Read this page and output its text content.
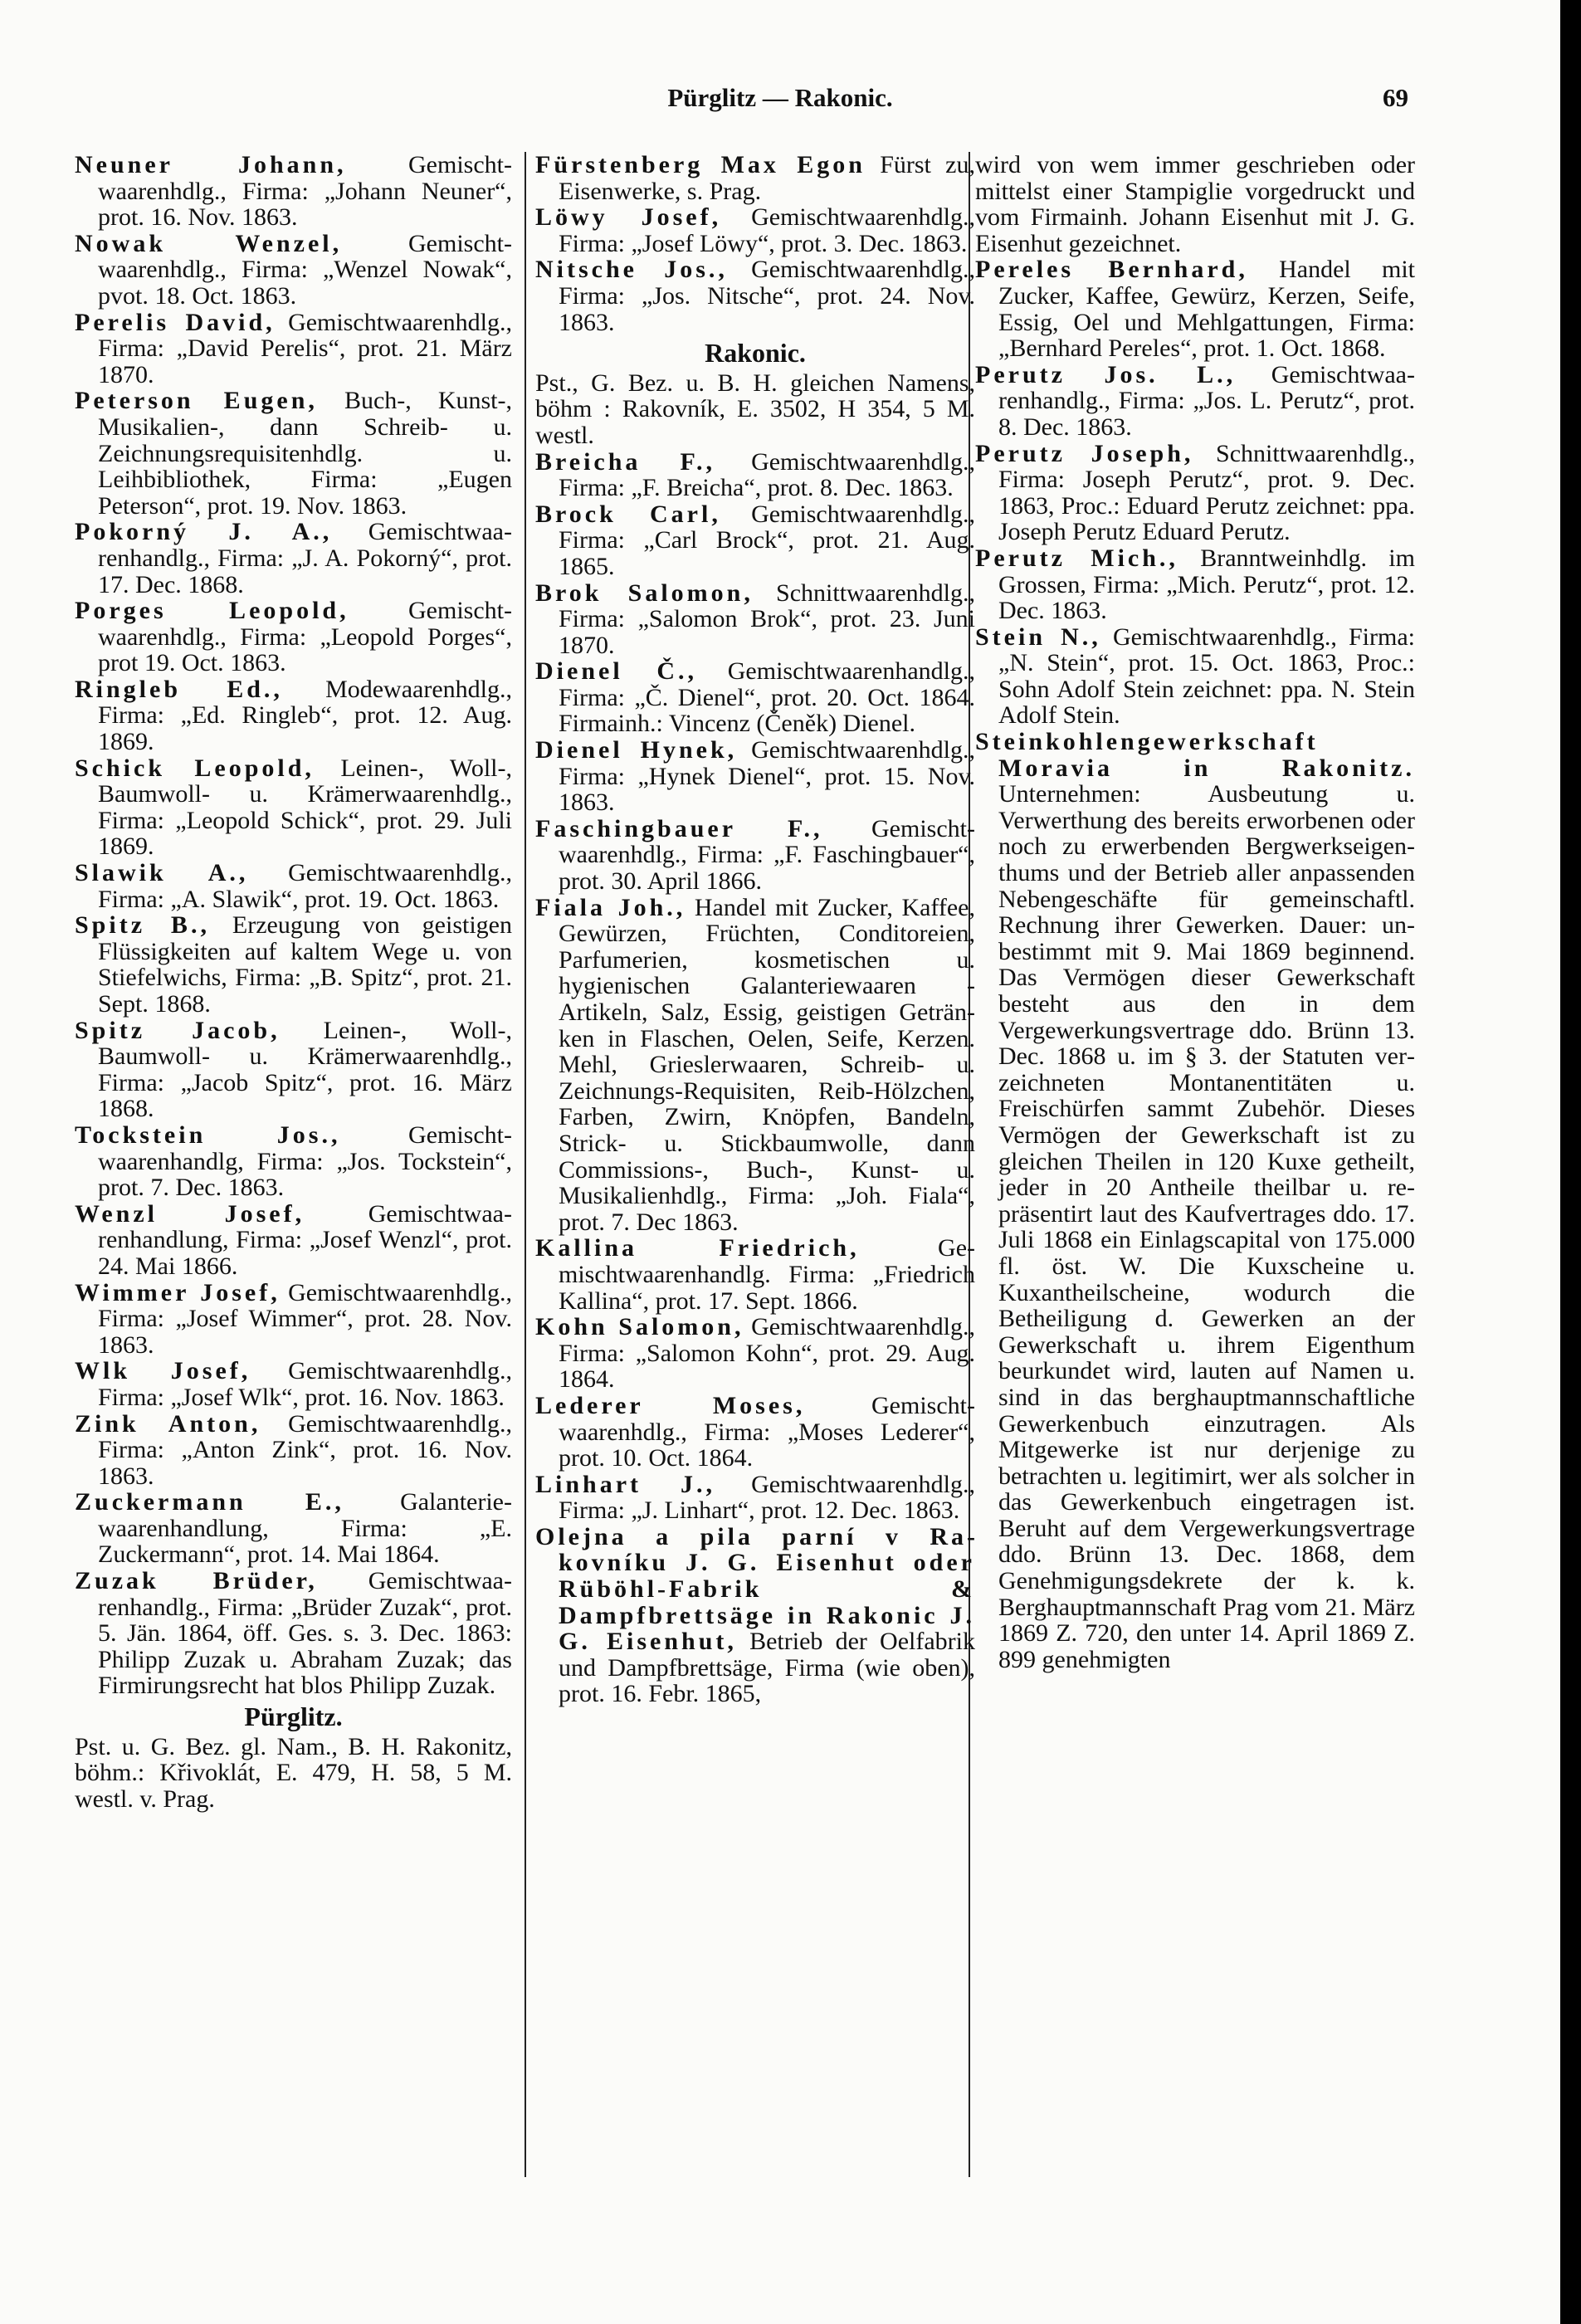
Pürglitz — Rakonic.	69

Neuner Johann, Gemischtwaarenhdlg., Firma: „Johann Neuner“, prot. 16. Nov. 1863.

Nowak Wenzel, Gemischtwaarenhdlg., Firma: „Wenzel Nowak“, pvot. 18. Oct. 1863.

Perelis David, Gemischtwaarenhdlg., Firma: „David Perelis“, prot. 21. März 1870.

Peterson Eugen, Buch-, Kunst-, Musikalien-, dann Schreib- u. Zeichnungsrequisitenhdlg. u. Leihbibliothek, Firma: „Eugen Peterson“, prot. 19. Nov. 1863.

Pokorný J. A., Gemischtwaarenhandlg., Firma: „J. A. Pokorný“, prot. 17. Dec. 1868.

Porges Leopold, Gemischtwaarenhdlg., Firma: „Leopold Porges“, prot 19. Oct. 1863.

Ringleb Ed., Modewaarenhdlg., Firma: „Ed. Ringleb“, prot. 12. Aug. 1869.

Schick Leopold, Leinen-, Woll-, Baumwoll- u. Krämerwaarenhdlg., Firma: „Leopold Schick“, prot. 29. Juli 1869.

Slawik A., Gemischtwaarenhdlg., Firma: „A. Slawik“, prot. 19. Oct. 1863.

Spitz B., Erzeugung von geistigen Flüssigkeiten auf kaltem Wege u. von Stiefelwichs, Firma: „B. Spitz“, prot. 21. Sept. 1868.

Spitz Jacob, Leinen-, Woll-, Baumwoll- u. Krämerwaarenhdlg., Firma: „Jacob Spitz“, prot. 16. März 1868.

Tockstein Jos., Gemischtwaarenhandlg, Firma: „Jos. Tockstein“, prot. 7. Dec. 1863.

Wenzl Josef, Gemischtwaarenhandlung, Firma: „Josef Wenzl“, prot. 24. Mai 1866.

Wimmer Josef, Gemischtwaarenhdlg., Firma: „Josef Wimmer“, prot. 28. Nov. 1863.

Wlk Josef, Gemischtwaarenhdlg., Firma: „Josef Wlk“, prot. 16. Nov. 1863.

Zink Anton, Gemischtwaarenhdlg., Firma: „Anton Zink“, prot. 16. Nov. 1863.

Zuckermann E., Galanteriewaarenhandlung, Firma: „E. Zuckermann“, prot. 14. Mai 1864.

Zuzak Brüder, Gemischtwaarenhandlg., Firma: „Brüder Zuzak“, prot. 5. Jän. 1864, öff. Ges. s. 3. Dec. 1863: Philipp Zuzak u. Abraham Zuzak; das Firmirungsrecht hat blos Philipp Zuzak.

Pürglitz.

Pst. u. G. Bez. gl. Nam., B. H. Rakonitz, böhm.: Křivoklát, E. 479, H. 58, 5 M. westl. v. Prag.

Fürstenberg Max Egon Fürst zu, Eisenwerke, s. Prag.

Löwy Josef, Gemischtwaarenhdlg., Firma: „Josef Löwy“, prot. 3. Dec. 1863.

Nitsche Jos., Gemischtwaarenhdlg., Firma: „Jos. Nitsche“, prot. 24. Nov. 1863.

Rakonic.

Pst., G. Bez. u. B. H. gleichen Namens, böhm : Rakovník, E. 3502, H 354, 5 M. westl.

Breicha F., Gemischtwaarenhdlg., Firma: „F. Breicha“, prot. 8. Dec. 1863.

Brock Carl, Gemischtwaarenhdlg., Firma: „Carl Brock“, prot. 21. Aug. 1865.

Brok Salomon, Schnittwaarenhdlg., Firma: „Salomon Brok“, prot. 23. Juni 1870.

Dienel Č., Gemischtwaarenhandlg., Firma: „Č. Dienel“, prot. 20. Oct. 1864. Firmainh.: Vincenz (Čeněk) Dienel.

Dienel Hynek, Gemischtwaarenhdlg., Firma: „Hynek Dienel“, prot. 15. Nov. 1863.

Faschingbauer F., Gemischtwaarenhdlg., Firma: „F. Faschingbauer“, prot. 30. April 1866.

Fiala Joh., Handel mit Zucker, Kaffee, Gewürzen, Früchten, Conditoreien, Parfumerien, kosmetischen u. hygienischen Galanteriewaaren - Artikeln, Salz, Essig, geistigen Getränken in Flaschen, Oelen, Seife, Kerzen. Mehl, Grieslerwaaren, Schreib- u. Zeichnungs-Requisiten, Reib-Hölzchen, Farben, Zwirn, Knöpfen, Bandeln, Strick- u. Stickbaumwolle, dann Commissions-, Buch-, Kunst- u. Musikalienhdlg., Firma: „Joh. Fiala“, prot. 7. Dec 1863.

Kallina Friedrich, Gemischtwaarenhandlg. Firma: „Friedrich Kallina“, prot. 17. Sept. 1866.

Kohn Salomon, Gemischtwaarenhdlg., Firma: „Salomon Kohn“, prot. 29. Aug. 1864.

Lederer Moses, Gemischtwaarenhdlg., Firma: „Moses Lederer“, prot. 10. Oct. 1864.

Linhart J., Gemischtwaarenhdlg., Firma: „J. Linhart“, prot. 12. Dec. 1863.

Olejna a pila parní v Rakovníku J. G. Eisenhut oder Rüböhl-Fabrik & Dampfbrettsäge in Rakonic J. G. Eisenhut, Betrieb der Oelfabrik und Dampfbrettsäge, Firma (wie oben), prot. 16. Febr. 1865,

wird von wem immer geschrieben oder mittelst einer Stampiglie vorgedruckt und vom Firmainh. Johann Eisenhut mit J. G. Eisenhut gezeichnet.

Pereles Bernhard, Handel mit Zucker, Kaffee, Gewürz, Kerzen, Seife, Essig, Oel und Mehlgattungen, Firma: „Bernhard Pereles“, prot. 1. Oct. 1868.

Perutz Jos. L., Gemischtwaarenhandlg., Firma: „Jos. L. Perutz“, prot. 8. Dec. 1863.

Perutz Joseph, Schnittwaarenhdlg., Firma: Joseph Perutz“, prot. 9. Dec. 1863, Proc.: Eduard Perutz zeichnet: ppa. Joseph Perutz Eduard Perutz.

Perutz Mich., Branntweinhdlg. im Grossen, Firma: „Mich. Perutz“, prot. 12. Dec. 1863.

Stein N., Gemischtwaarenhdlg., Firma: „N. Stein“, prot. 15. Oct. 1863, Proc.: Sohn Adolf Stein zeichnet: ppa. N. Stein Adolf Stein.

Steinkohlengewerkschaft Moravia in Rakonitz. Unternehmen: Ausbeutung u. Verwerthung des bereits erworbenen oder noch zu erwerbenden Bergwerkseigenthums und der Betrieb aller anpassenden Nebengeschäfte für gemeinschaftl. Rechnung ihrer Gewerken. Dauer: unbestimmt mit 9. Mai 1869 beginnend. Das Vermögen dieser Gewerkschaft besteht aus den in dem Vergewerkungsvertrage ddo. Brünn 13. Dec. 1868 u. im § 3. der Statuten verzeichneten Montanentitäten u. Freischürfen sammt Zubehör. Dieses Vermögen der Gewerkschaft ist zu gleichen Theilen in 120 Kuxe getheilt, jeder in 20 Antheile theilbar u. repräsentirt laut des Kaufvertrages ddo. 17. Juli 1868 ein Einlagscapital von 175.000 fl. öst. W. Die Kuxscheine u. Kuxantheilscheine, wodurch die Betheiligung d. Gewerken an der Gewerkschaft u. ihrem Eigenthum beurkundet wird, lauten auf Namen u. sind in das berghauptmannschaftliche Gewerkenbuch einzutragen. Als Mitgewerke ist nur derjenige zu betrachten u. legitimirt, wer als solcher in das Gewerkenbuch eingetragen ist. Beruht auf dem Vergewerkungsvertrage ddo. Brünn 13. Dec. 1868, dem Genehmigungsdekrete der k. k. Berghauptmannschaft Prag vom 21. März 1869 Z. 720, den unter 14. April 1869 Z. 899 genehmigten
